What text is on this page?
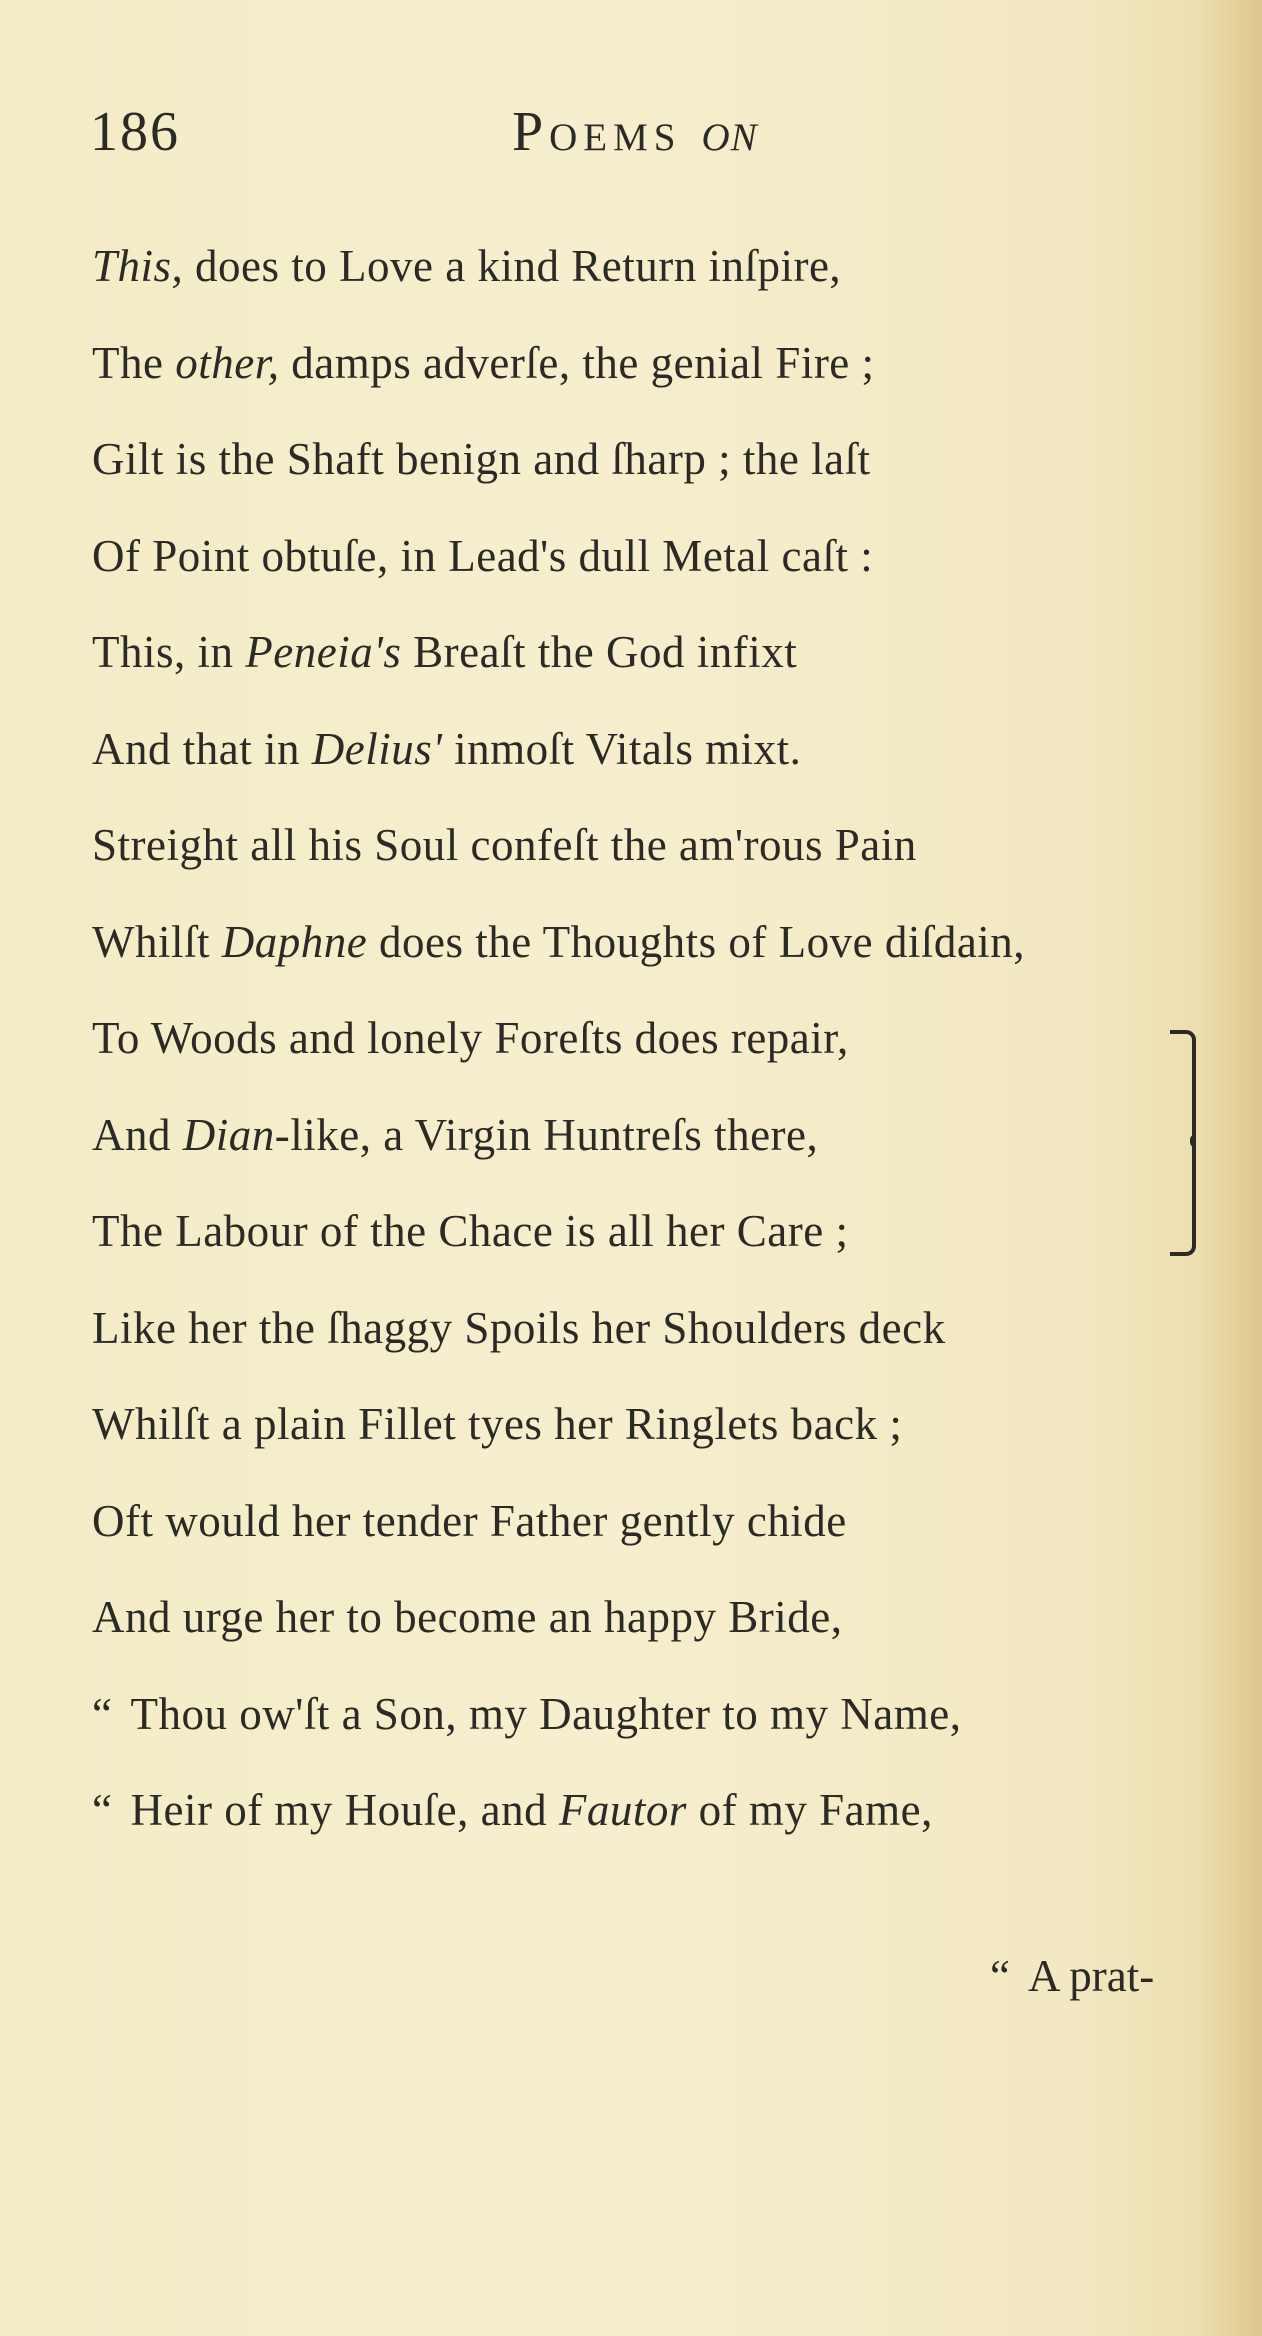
186	Poems on
This, does to Love a kind Return inſpire,
The other, damps adverſe, the genial Fire ;
Gilt is the Shaft benign and ſharp ; the laſt
Of Point obtuſe, in Lead's dull Metal caſt :
This, in Peneia's Breaſt the God infixt
And that in Delius' inmoſt Vitals mixt.
Streight all his Soul confeſt the am'rous Pain
Whilſt Daphne does the Thoughts of Love diſdain,
To Woods and lonely Foreſts does repair,
And Dian-like, a Virgin Huntreſs there,
The Labour of the Chace is all her Care ;
Like her the ſhaggy Spoils her Shoulders deck
Whilſt a plain Fillet tyes her Ringlets back ;
Oft would her tender Father gently chide
And urge her to become an happy Bride,
“ Thou ow'ſt a Son, my Daughter to my Name,
“ Heir of my Houſe, and Fautor of my Fame,
“ A prat-
